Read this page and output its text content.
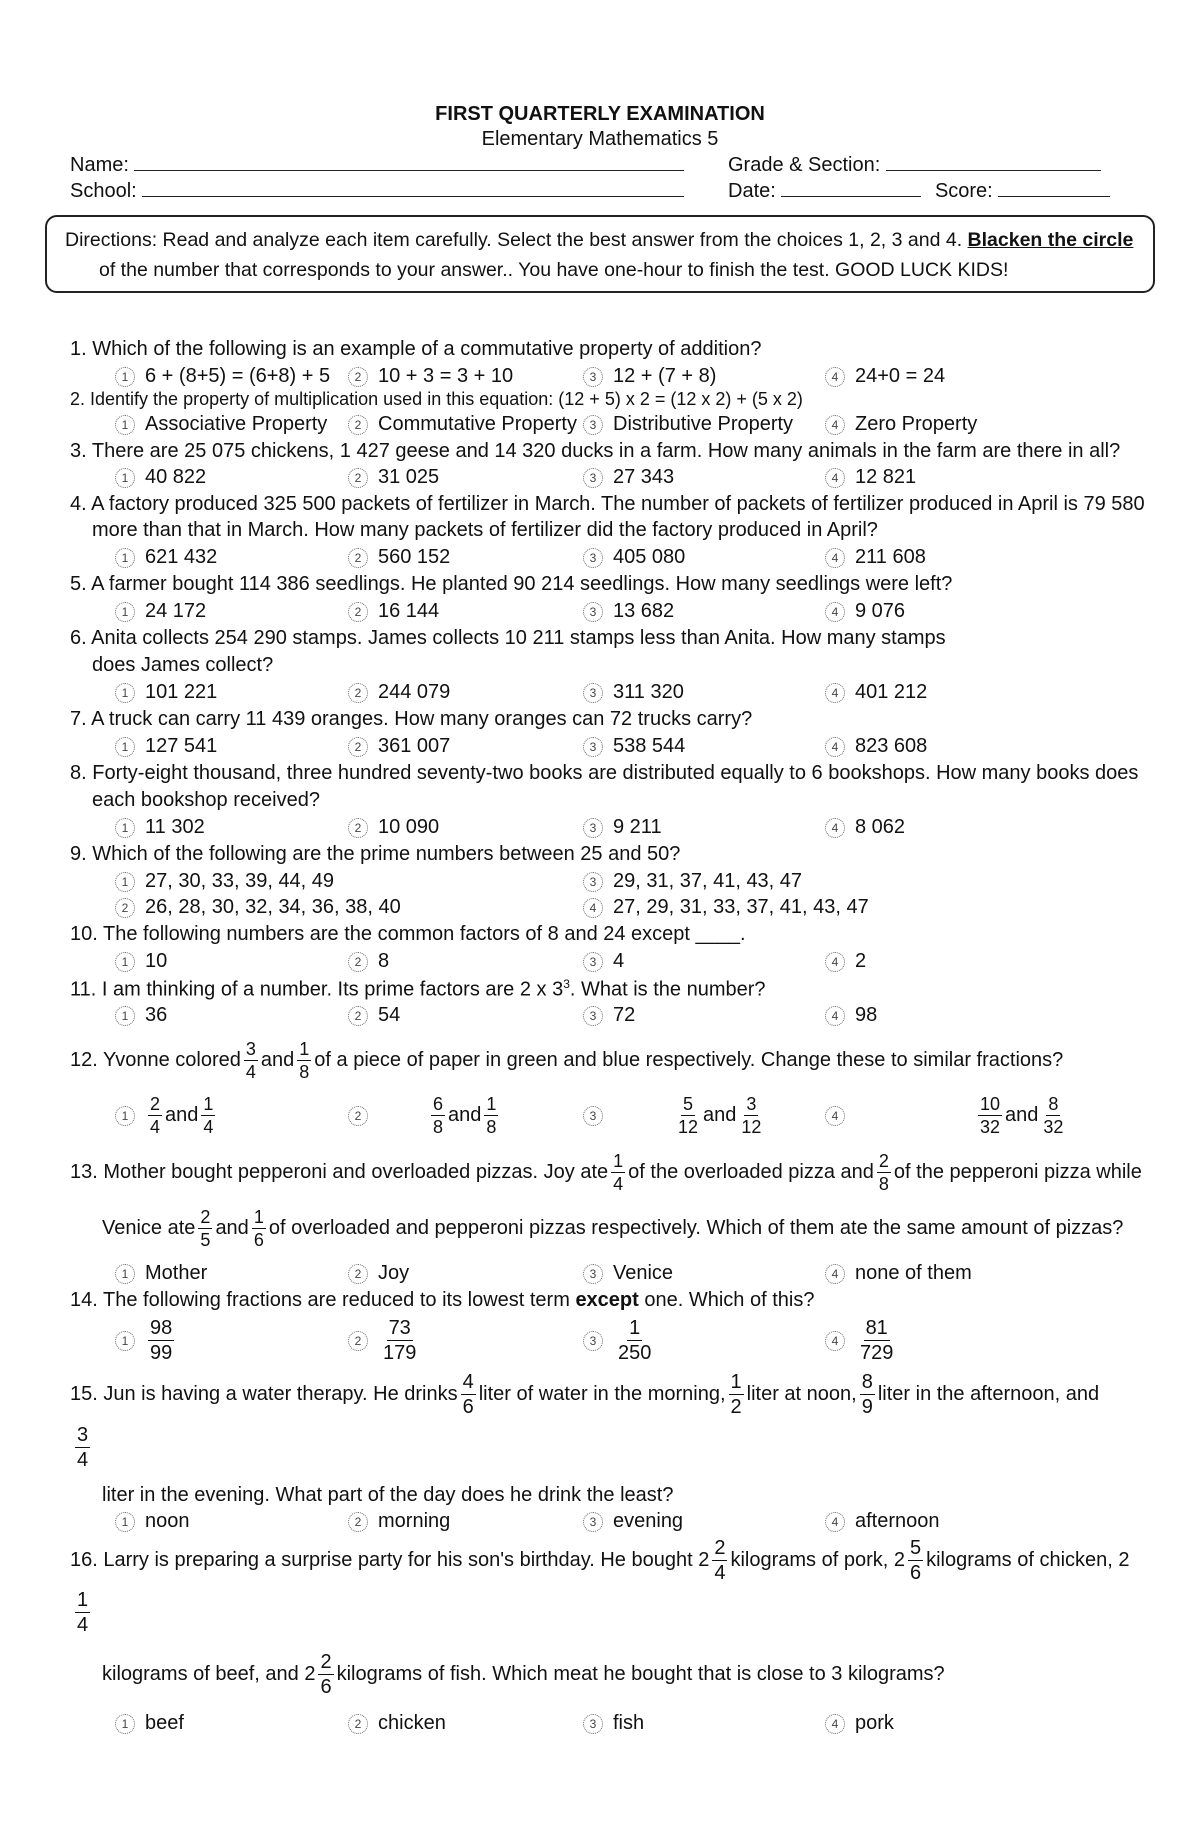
FIRST QUARTERLY EXAMINATION
Elementary Mathematics 5
Name:
School:
Grade & Section:
Date:	Score:
Directions: Read and analyze each item carefully. Select the best answer from the choices 1, 2, 3 and 4. Blacken the circle
of the number that corresponds to your answer.. You have one-hour to finish the test. GOOD LUCK KIDS!
1. Which of the following is an example of a commutative property of addition?
1 6 + (8+5) = (6+8) + 5	2 10 + 3 = 3 + 10	3 12 + (7 + 8)	4 24+0 = 24
2. Identify the property of multiplication used in this equation: (12 + 5) x 2 = (12 x 2) + (5 x 2)
1 Associative Property	2 Commutative Property	3 Distributive Property	4 Zero Property
3. There are 25 075 chickens, 1 427 geese and 14 320 ducks in a farm. How many animals in the farm are there in all?
1 40 822	2 31 025	3 27 343	4 12 821
4. A factory produced 325 500 packets of fertilizer in March. The number of packets of fertilizer produced in April is 79 580
more than that in March. How many packets of fertilizer did the factory produced in April?
1 621 432	2 560 152	3 405 080	4 211 608
5. A farmer bought 114 386 seedlings. He planted 90 214 seedlings. How many seedlings were left?
1 24 172	2 16 144	3 13 682	4 9 076
6. Anita collects 254 290 stamps. James collects 10 211 stamps less than Anita. How many stamps
does James collect?
1 101 221	2 244 079	3 311 320	4 401 212
7. A truck can carry 11 439 oranges. How many oranges can 72 trucks carry?
1 127 541	2 361 007	3 538 544	4 823 608
8. Forty-eight thousand, three hundred seventy-two books are distributed equally to 6 bookshops. How many books does
each bookshop received?
1 11 302	2 10 090	3 9 211	4 8 062
9. Which of the following are the prime numbers between 25 and 50?
1 27, 30, 33, 39, 44, 49	3 29, 31, 37, 41, 43, 47
2 26, 28, 30, 32, 34, 36, 38, 40	4 27, 29, 31, 33, 37, 41, 43, 47
10. The following numbers are the common factors of 8 and 24 except ____.
1 10	2 8	3 4	4 2
11. I am thinking of a number. Its prime factors are 2 x $3^3$. What is the number?
1 36	2 54	3 72	4 98
12. Yvonne colored $\frac{3}{4}$ and $\frac{1}{8}$ of a piece of paper in green and blue respectively. Change these to similar fractions?
1	$\frac{2}{4}$ and $\frac{1}{4}$	2	$\frac{6}{8}$ and $\frac{1}{8}$	3	$\frac{5}{12}$ and $\frac{3}{12}$	4	$\frac{10}{32}$ and $\frac{8}{32}$
13. Mother bought pepperoni and overloaded pizzas. Joy ate $\frac{1}{4}$ of the overloaded pizza and $\frac{2}{8}$ of the pepperoni pizza while
Venice ate $\frac{2}{5}$ and $\frac{1}{6}$ of overloaded and pepperoni pizzas respectively. Which of them ate the same amount of pizzas?
1 Mother	2 Joy	3 Venice	4 none of them
14. The following fractions are reduced to its lowest term except one. Which of this?
$1 \frac{98}{99}$	$2 \frac{73}{179}$	$3 \frac{1}{250}$	$4 \frac{81}{729}$
15. Jun is having a water therapy. He drinks $\frac{4}{6}$ liter of water in the morning, $\frac{1}{2}$ liter at noon, $\frac{8}{9}$ liter in the afternoon, and
$\frac{3}{4}$
liter in the evening. What part of the day does he drink the least?
1 noon	2 morning	3 evening	4 afternoon
16. Larry is preparing a surprise party for his son's birthday. He bought $2 \frac{2}{4}$ kilograms of pork, $2 \frac{5}{6}$ kilograms of chicken, 2
$\frac{1}{4}$
kilograms of beef, and $2 \frac{2}{6}$ kilograms of fish. Which meat he bought that is close to 3 kilograms?
1 beef	2 chicken	3 fish	4 pork
